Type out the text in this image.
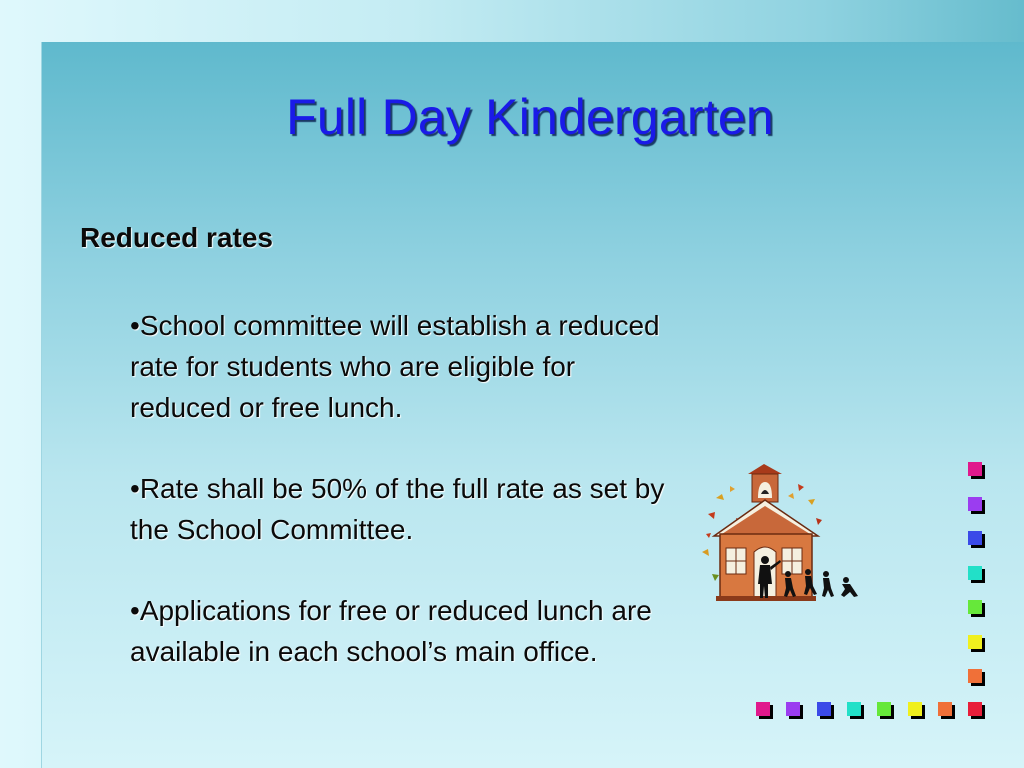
Full Day Kindergarten
Reduced rates
•School committee will establish a reduced rate for students who are eligible for reduced or free lunch.
•Rate shall be 50% of the full rate as set by the School Committee.
•Applications for free or reduced lunch are available in each school’s main office.
